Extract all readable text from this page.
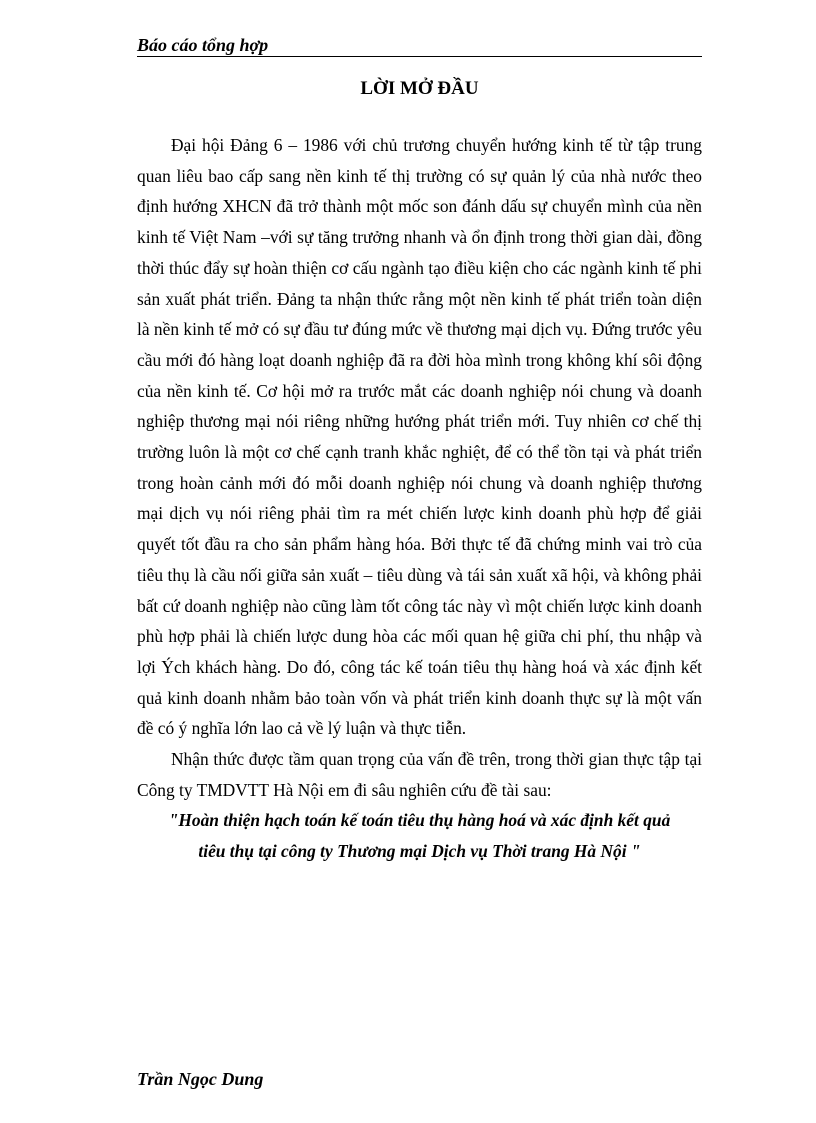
Báo cáo tổng hợp
LỜI MỞ ĐẦU

Đại hội Đảng 6 – 1986 với chủ trương chuyển hướng kinh tế từ tập trung quan liêu bao cấp sang nền kinh tế thị trường có sự quản lý của nhà nước theo định hướng XHCN đã trở thành một mốc son đánh dấu sự chuyển mình của nền kinh tế Việt Nam –với sự tăng trưởng nhanh và ổn định trong thời gian dài, đồng thời thúc đẩy sự hoàn thiện cơ cấu ngành tạo điều kiện cho các ngành kinh tế phi sản xuất phát triển. Đảng ta nhận thức rằng một nền kinh tế phát triển toàn diện là nền kinh tế mở có sự đầu tư đúng mức về thương mại dịch vụ. Đứng trước yêu cầu mới đó hàng loạt doanh nghiệp đã ra đời hòa mình trong không khí sôi động của nền kinh tế. Cơ hội mở ra trước mắt các doanh nghiệp nói chung và doanh nghiệp thương mại nói riêng những hướng phát triển mới. Tuy nhiên cơ chế thị trường luôn là một cơ chế cạnh tranh khắc nghiệt, để có thể tồn tại và phát triển trong hoàn cảnh mới đó mỗi doanh nghiệp nói chung và doanh nghiệp thương mại dịch vụ nói riêng phải tìm ra mét chiến lược kinh doanh phù hợp để giải quyết tốt đầu ra cho sản phẩm hàng hóa. Bởi thực tế đã chứng minh vai trò của tiêu thụ là cầu nối giữa sản xuất – tiêu dùng và tái sản xuất xã hội, và không phải bất cứ doanh nghiệp nào cũng làm tốt công tác này vì một chiến lược kinh doanh phù hợp phải là chiến lược dung hòa các mối quan hệ giữa chi phí, thu nhập và lợi Ých khách hàng. Do đó, công tác kế toán tiêu thụ hàng hoá và xác định kết quả kinh doanh nhằm bảo toàn vốn và phát triển kinh doanh thực sự là một vấn đề có ý nghĩa lớn lao cả về lý luận và thực tiễn.

Nhận thức được tầm quan trọng của vấn đề trên, trong thời gian thực tập tại Công ty TMDVTT Hà Nội em đi sâu nghiên cứu đề tài sau:

"Hoàn thiện hạch toán kế toán tiêu thụ hàng hoá và xác định kết quả
tiêu thụ tại công ty Thương mại Dịch vụ Thời trang Hà Nội "

Trần Ngọc Dung
